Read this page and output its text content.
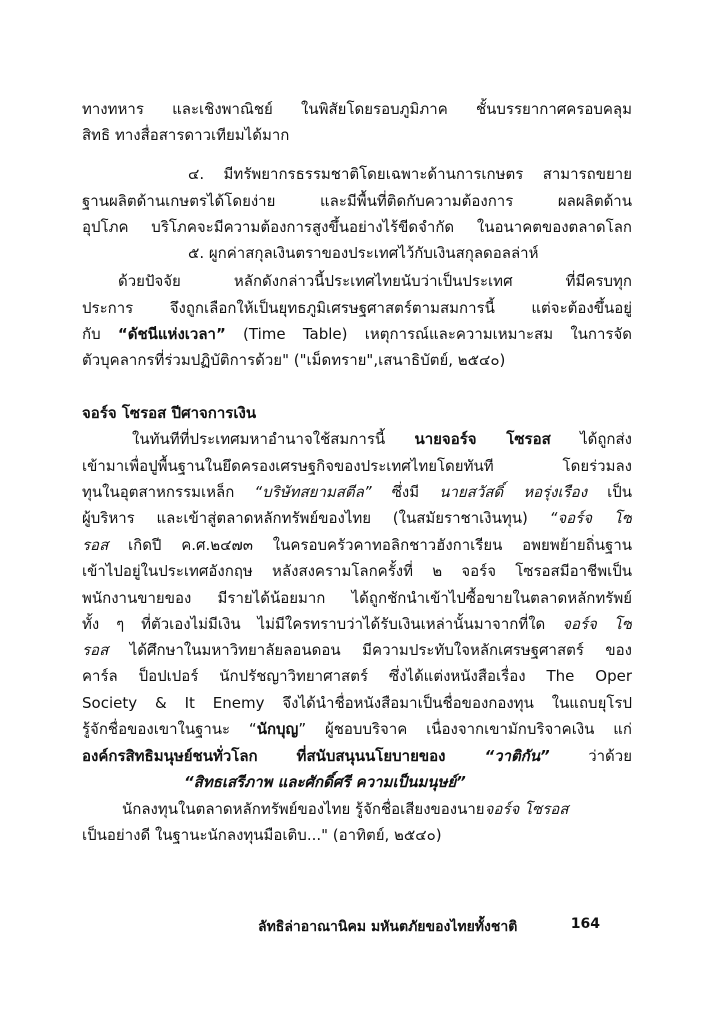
ทางทหาร และเชิงพาณิชย์ ในพิสัยโดยรอบภูมิภาค ชั้นบรรยากาศครอบคลุม
สิทธิ ทางสื่อสารดาวเทียมได้มาก
๔. มีทรัพยากรธรรมชาติโดยเฉพาะด้านการเกษตร สามารถขยาย
ฐานผลิตด้านเกษตรได้โดยง่าย และมีพื้นที่ติดกับความต้องการ ผลผลิตด้าน
อุปโภค บริโภคจะมีความต้องการสูงขึ้นอย่างไร้ขีดจำกัด ในอนาคตของตลาดโลก
๕. ผูกค่าสกุลเงินตราของประเทศไว้กับเงินสกุลดอลล่าห์
ด้วยปัจจัย หลักดังกล่าวนี้ประเทศไทยนับว่าเป็นประเทศ ที่มีครบทุก
ประการ จึงถูกเลือกให้เป็นยุทธภูมิเศรษฐศาสตร์ตามสมการนี้ แต่จะต้องขึ้นอยู่
กับ “ดัชนีแห่งเวลา” (Time Table) เหตุการณ์และความเหมาะสม ในการจัด
ตัวบุคลากรที่ร่วมปฏิบัติการด้วย" ("เม็ดทราย",เสนาธิบัตย์, ๒๕๔๐)
จอร์จ โซรอส ปีศาจการเงิน
ในทันทีที่ประเทศมหาอำนาจใช้สมการนี้ นายจอร์จ โซรอส ได้ถูกส่ง
เข้ามาเพื่อปูพื้นฐานในยึดครองเศรษฐกิจของประเทศไทยโดยทันที โดยร่วมลง
ทุนในอุตสาหกรรมเหล็ก “บริษัทสยามสตีล” ซึ่งมี นายสวัสดิ์ หอรุ่งเรือง เป็น
ผู้บริหาร และเข้าสู่ตลาดหลักทรัพย์ของไทย (ในสมัยราชาเงินทุน) “จอร์จ โซ
รอส เกิดปี ค.ศ.๒๔๗๓ ในครอบครัวคาทอลิกชาวฮังกาเรียน อพยพย้ายถิ่นฐาน
เข้าไปอยู่ในประเทศอังกฤษ หลังสงครามโลกครั้งที่ ๒ จอร์จ โซรอสมีอาชีพเป็น
พนักงานขายของ มีรายได้น้อยมาก ได้ถูกชักนำเข้าไปซื้อขายในตลาดหลักทรัพย์
ทั้ง ๆ ที่ตัวเองไม่มีเงิน ไม่มีใครทราบว่าได้รับเงินเหล่านั้นมาจากที่ใด จอร์จ โซ
รอส ได้ศึกษาในมหาวิทยาลัยลอนดอน มีความประทับใจหลักเศรษฐศาสตร์ ของ
คาร์ล ป็อปเปอร์ นักปรัชญาวิทยาศาสตร์ ซึ่งได้แต่งหนังสือเรื่อง The Oper
Society & It Enemy จึงได้นำชื่อหนังสือมาเป็นชื่อของกองทุน ในแถบยุโรป
รู้จักชื่อของเขาในฐานะ “นักบุญ” ผู้ชอบบริจาค เนื่องจากเขามักบริจาคเงิน แก่
องค์กรสิทธิมนุษย์ชนทั่วโลก ที่สนับสนุนนโยบายของ “วาติกัน” ว่าด้วย
“สิทธเสรีภาพ และศักดิ์ศรี ความเป็นมนุษย์”
นักลงทุนในตลาดหลักทรัพย์ของไทย รู้จักชื่อเสียงของนายจอร์จ โซรอส
เป็นอย่างดี ในฐานะนักลงทุนมือเติบ..." (อาทิตย์, ๒๕๔๐)
ลัทธิล่าอาณานิคม มหันตภัยของไทยทั้งชาติ	164
